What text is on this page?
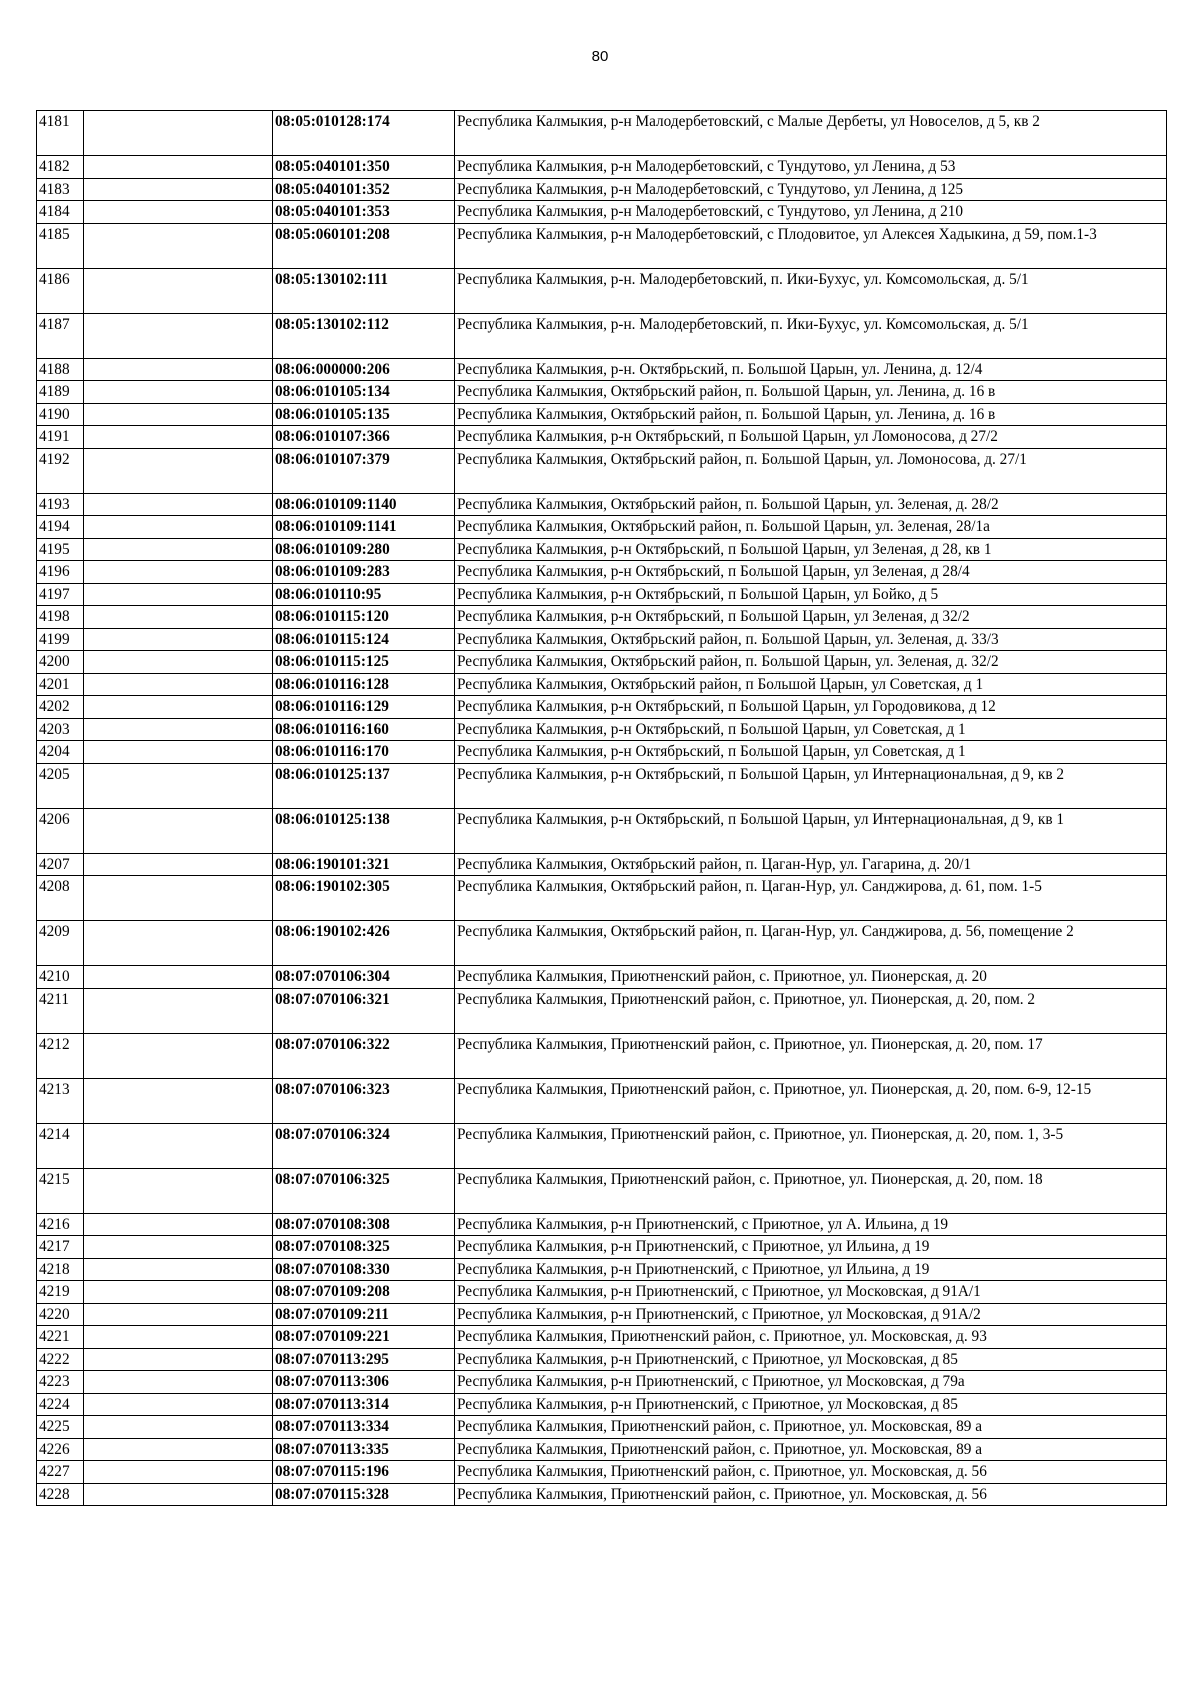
80
4181		08:05:010128:174	Республика Калмыкия, р-н Малодербетовский, с Малые Дербеты, ул Новоселов, д 5, кв 2
4182		08:05:040101:350	Республика Калмыкия, р-н Малодербетовский, с Тундутово, ул Ленина, д 53
4183		08:05:040101:352	Республика Калмыкия, р-н Малодербетовский, с Тундутово, ул Ленина, д 125
4184		08:05:040101:353	Республика Калмыкия, р-н Малодербетовский, с Тундутово, ул Ленина, д 210
4185		08:05:060101:208	Республика Калмыкия, р-н Малодербетовский, с Плодовитое, ул Алексея Хадыкина, д 59, пом.1-3
4186		08:05:130102:111	Республика Калмыкия, р-н. Малодербетовский, п. Ики-Бухус, ул. Комсомольская, д. 5/1
4187		08:05:130102:112	Республика Калмыкия, р-н. Малодербетовский, п. Ики-Бухус, ул. Комсомольская, д. 5/1
4188		08:06:000000:206	Республика Калмыкия, р-н. Октябрьский, п. Большой Царын, ул. Ленина, д. 12/4
4189		08:06:010105:134	Республика Калмыкия, Октябрьский район, п. Большой Царын, ул. Ленина, д. 16 в
4190		08:06:010105:135	Республика Калмыкия, Октябрьский район, п. Большой Царын, ул. Ленина, д. 16 в
4191		08:06:010107:366	Республика Калмыкия, р-н Октябрьский, п Большой Царын, ул Ломоносова, д 27/2
4192		08:06:010107:379	Республика Калмыкия, Октябрьский район, п. Большой Царын, ул. Ломоносова, д. 27/1
4193		08:06:010109:1140	Республика Калмыкия, Октябрьский район, п. Большой Царын, ул. Зеленая, д. 28/2
4194		08:06:010109:1141	Республика Калмыкия, Октябрьский район, п. Большой Царын, ул. Зеленая, 28/1а
4195		08:06:010109:280	Республика Калмыкия, р-н Октябрьский, п Большой Царын, ул Зеленая, д 28, кв 1
4196		08:06:010109:283	Республика Калмыкия, р-н Октябрьский, п Большой Царын, ул Зеленая, д 28/4
4197		08:06:010110:95	Республика Калмыкия, р-н Октябрьский, п Большой Царын, ул Бойко, д 5
4198		08:06:010115:120	Республика Калмыкия, р-н Октябрьский, п Большой Царын, ул Зеленая, д 32/2
4199		08:06:010115:124	Республика Калмыкия, Октябрьский район, п. Большой Царын, ул. Зеленая, д. 33/3
4200		08:06:010115:125	Республика Калмыкия, Октябрьский район, п. Большой Царын, ул. Зеленая, д. 32/2
4201		08:06:010116:128	Республика Калмыкия, Октябрьский район, п Большой Царын, ул Советская, д 1
4202		08:06:010116:129	Республика Калмыкия, р-н Октябрьский, п Большой Царын, ул Городовикова, д 12
4203		08:06:010116:160	Республика Калмыкия, р-н Октябрьский, п Большой Царын, ул Советская, д 1
4204		08:06:010116:170	Республика Калмыкия, р-н Октябрьский, п Большой Царын, ул Советская, д 1
4205		08:06:010125:137	Республика Калмыкия, р-н Октябрьский, п Большой Царын, ул Интернациональная, д 9, кв 2
4206		08:06:010125:138	Республика Калмыкия, р-н Октябрьский, п Большой Царын, ул Интернациональная, д 9, кв 1
4207		08:06:190101:321	Республика Калмыкия, Октябрьский район, п. Цаган-Нур, ул. Гагарина, д. 20/1
4208		08:06:190102:305	Республика Калмыкия, Октябрьский район, п. Цаган-Нур, ул. Санджирова, д. 61, пом. 1-5
4209		08:06:190102:426	Республика Калмыкия, Октябрьский район, п. Цаган-Нур, ул. Санджирова, д. 56, помещение 2
4210		08:07:070106:304	Республика Калмыкия, Приютненский район, с. Приютное, ул. Пионерская, д. 20
4211		08:07:070106:321	Республика Калмыкия, Приютненский район, с. Приютное, ул. Пионерская, д. 20, пом. 2
4212		08:07:070106:322	Республика Калмыкия, Приютненский район, с. Приютное, ул. Пионерская, д. 20, пом. 17
4213		08:07:070106:323	Республика Калмыкия, Приютненский район, с. Приютное, ул. Пионерская, д. 20, пом. 6-9, 12-15
4214		08:07:070106:324	Республика Калмыкия, Приютненский район, с. Приютное, ул. Пионерская, д. 20, пом. 1, 3-5
4215		08:07:070106:325	Республика Калмыкия, Приютненский район, с. Приютное, ул. Пионерская, д. 20, пом. 18
4216		08:07:070108:308	Республика Калмыкия, р-н Приютненский, с Приютное, ул А. Ильина, д 19
4217		08:07:070108:325	Республика Калмыкия, р-н Приютненский, с Приютное, ул Ильина, д 19
4218		08:07:070108:330	Республика Калмыкия, р-н Приютненский, с Приютное, ул Ильина, д 19
4219		08:07:070109:208	Республика Калмыкия, р-н Приютненский, с Приютное, ул Московская, д 91А/1
4220		08:07:070109:211	Республика Калмыкия, р-н Приютненский, с Приютное, ул Московская, д 91А/2
4221		08:07:070109:221	Республика Калмыкия, Приютненский район, с. Приютное, ул. Московская, д. 93
4222		08:07:070113:295	Республика Калмыкия, р-н Приютненский, с Приютное, ул Московская, д 85
4223		08:07:070113:306	Республика Калмыкия, р-н Приютненский, с Приютное, ул Московская, д 79а
4224		08:07:070113:314	Республика Калмыкия, р-н Приютненский, с Приютное, ул Московская, д 85
4225		08:07:070113:334	Республика Калмыкия, Приютненский район, с. Приютное, ул. Московская, 89 а
4226		08:07:070113:335	Республика Калмыкия, Приютненский район, с. Приютное, ул. Московская, 89 а
4227		08:07:070115:196	Республика Калмыкия, Приютненский район, с. Приютное, ул. Московская, д. 56
4228		08:07:070115:328	Республика Калмыкия, Приютненский район, с. Приютное, ул. Московская, д. 56
